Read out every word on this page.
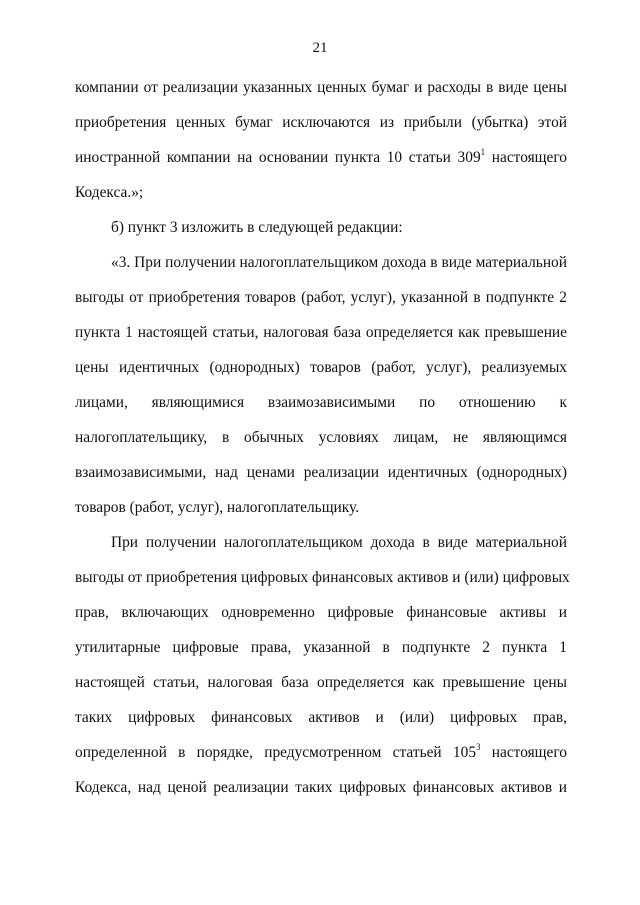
21
компании от реализации указанных ценных бумаг и расходы в виде цены
приобретения ценных бумаг исключаются из прибыли (убытка) этой
иностранной компании на основании пункта 10 статьи $309^1$ настоящего
Кодекса.»;
б) пункт 3 изложить в следующей редакции:
«3. При получении налогоплательщиком дохода в виде материальной
выгоды от приобретения товаров (работ, услуг), указанной в подпункте 2
пункта 1 настоящей статьи, налоговая база определяется как превышение
цены идентичных (однородных) товаров (работ, услуг), реализуемых
лицами, являющимися взаимозависимыми по отношению к
налогоплательщику, в обычных условиях лицам, не являющимся
взаимозависимыми, над ценами реализации идентичных (однородных)
товаров (работ, услуг), налогоплательщику.
При получении налогоплательщиком дохода в виде материальной
выгоды от приобретения цифровых финансовых активов и (или) цифровых
прав, включающих одновременно цифровые финансовые активы и
утилитарные цифровые права, указанной в подпункте 2 пункта 1
настоящей статьи, налоговая база определяется как превышение цены
таких цифровых финансовых активов и (или) цифровых прав,
определенной в порядке, предусмотренном статьей $105^3$ настоящего
Кодекса, над ценой реализации таких цифровых финансовых активов и
